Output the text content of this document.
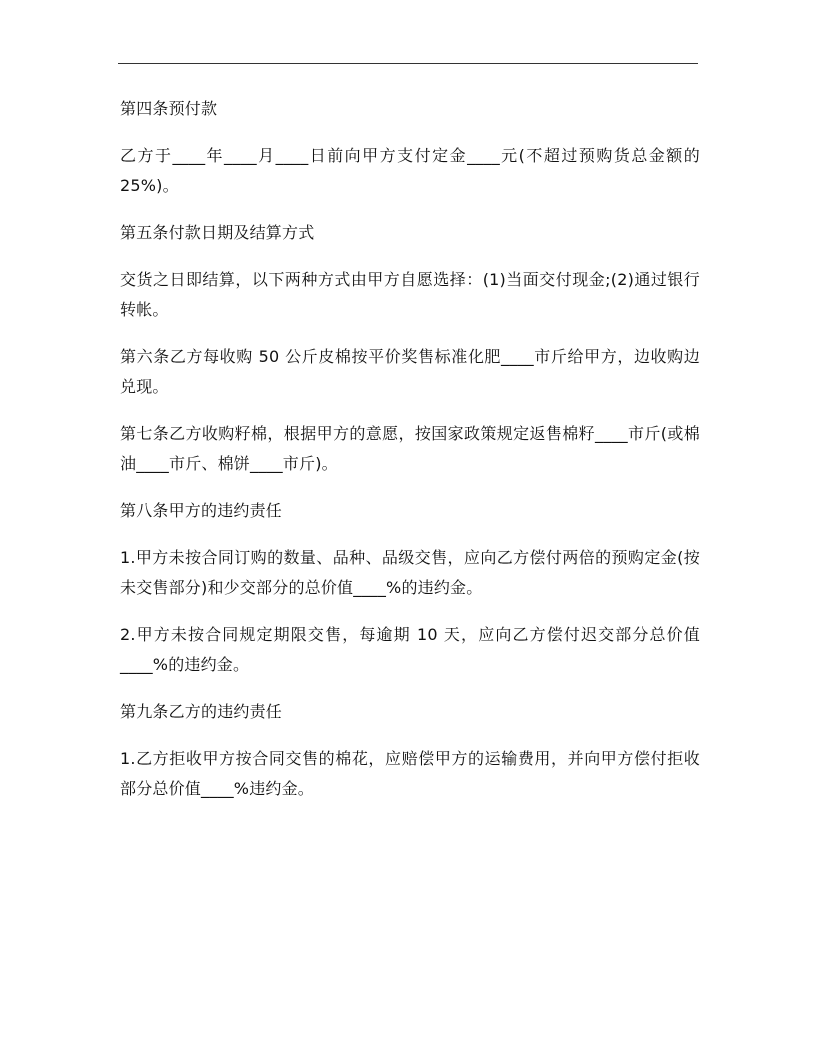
第四条预付款

乙方于____年____月____日前向甲方支付定金____元(不超过预购货总金额的 25%)。

第五条付款日期及结算方式

交货之日即结算，以下两种方式由甲方自愿选择：(1)当面交付现金;(2)通过银行转帐。

第六条乙方每收购 50 公斤皮棉按平价奖售标准化肥____市斤给甲方，边收购边兑现。

第七条乙方收购籽棉，根据甲方的意愿，按国家政策规定返售棉籽____市斤(或棉油____市斤、棉饼____市斤)。

第八条甲方的违约责任

1.甲方未按合同订购的数量、品种、品级交售，应向乙方偿付两倍的预购定金(按未交售部分)和少交部分的总价值____%的违约金。

2.甲方未按合同规定期限交售，每逾期 10 天，应向乙方偿付迟交部分总价值____%的违约金。

第九条乙方的违约责任

1.乙方拒收甲方按合同交售的棉花，应赔偿甲方的运输费用，并向甲方偿付拒收部分总价值____%违约金。
